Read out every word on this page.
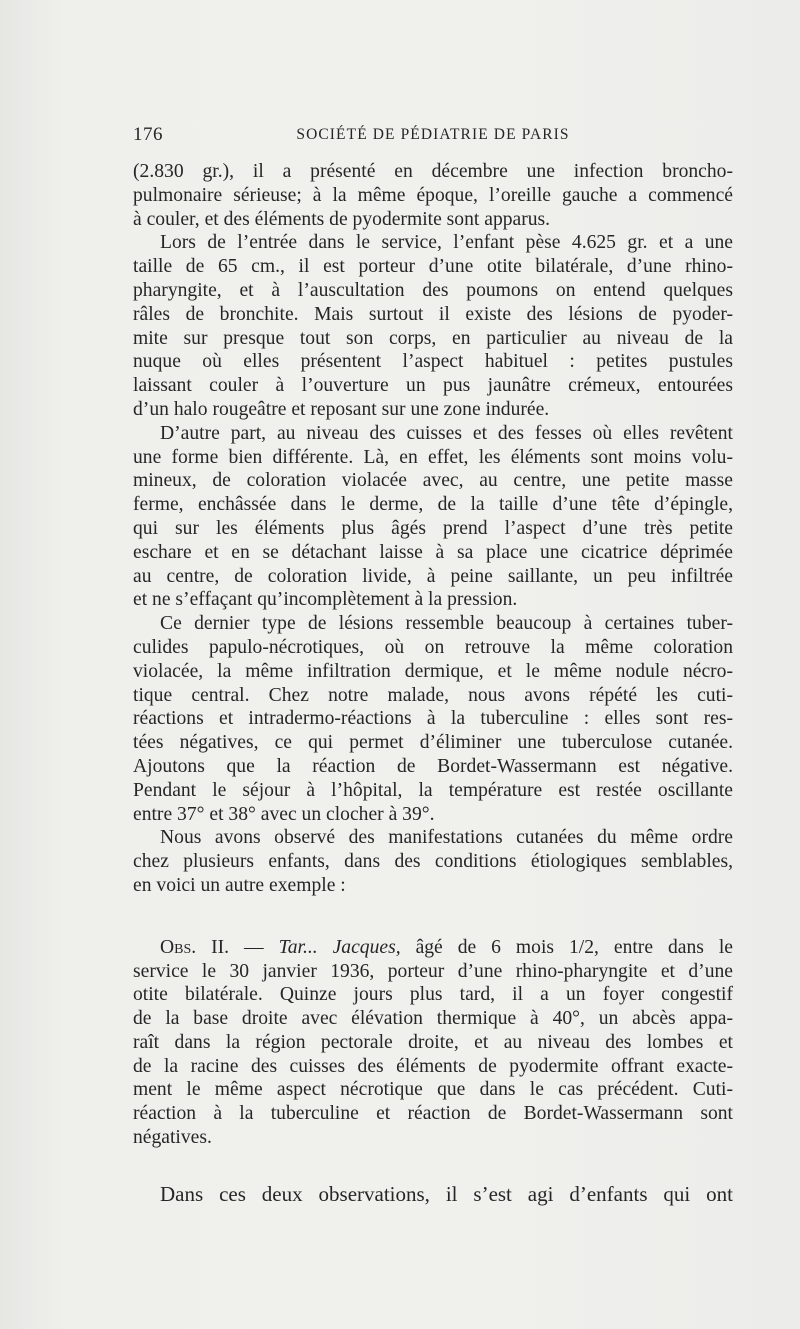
176	SOCIÉTÉ DE PÉDIATRIE DE PARIS
(2.830 gr.), il a présenté en décembre une infection broncho-
pulmonaire sérieuse; à la même époque, l’oreille gauche a commencé
à couler, et des éléments de pyodermite sont apparus.
Lors de l’entrée dans le service, l’enfant pèse 4.625 gr. et a une
taille de 65 cm., il est porteur d’une otite bilatérale, d’une rhino-
pharyngite, et à l’auscultation des poumons on entend quelques
râles de bronchite. Mais surtout il existe des lésions de pyoder-
mite sur presque tout son corps, en particulier au niveau de la
nuque où elles présentent l’aspect habituel : petites pustules
laissant couler à l’ouverture un pus jaunâtre crémeux, entourées
d’un halo rougeâtre et reposant sur une zone indurée.
D’autre part, au niveau des cuisses et des fesses où elles revêtent
une forme bien différente. Là, en effet, les éléments sont moins volu-
mineux, de coloration violacée avec, au centre, une petite masse
ferme, enchâssée dans le derme, de la taille d’une tête d’épingle,
qui sur les éléments plus âgés prend l’aspect d’une très petite
eschare et en se détachant laisse à sa place une cicatrice déprimée
au centre, de coloration livide, à peine saillante, un peu infiltrée
et ne s’effaçant qu’incomplètement à la pression.
Ce dernier type de lésions ressemble beaucoup à certaines tuber-
culides papulo-nécrotiques, où on retrouve la même coloration
violacée, la même infiltration dermique, et le même nodule nécro-
tique central. Chez notre malade, nous avons répété les cuti-
réactions et intradermo-réactions à la tuberculine : elles sont res-
tées négatives, ce qui permet d’éliminer une tuberculose cutanée.
Ajoutons que la réaction de Bordet-Wassermann est négative.
Pendant le séjour à l’hôpital, la température est restée oscillante
entre 37° et 38° avec un clocher à 39°.
Nous avons observé des manifestations cutanées du même ordre
chez plusieurs enfants, dans des conditions étiologiques semblables,
en voici un autre exemple :
Obs. II. — Tar... Jacques, âgé de 6 mois 1/2, entre dans le
service le 30 janvier 1936, porteur d’une rhino-pharyngite et d’une
otite bilatérale. Quinze jours plus tard, il a un foyer congestif
de la base droite avec élévation thermique à 40°, un abcès appa-
raît dans la région pectorale droite, et au niveau des lombes et
de la racine des cuisses des éléments de pyodermite offrant exacte-
ment le même aspect nécrotique que dans le cas précédent. Cuti-
réaction à la tuberculine et réaction de Bordet-Wassermann sont
négatives.
Dans ces deux observations, il s’est agi d’enfants qui ont
